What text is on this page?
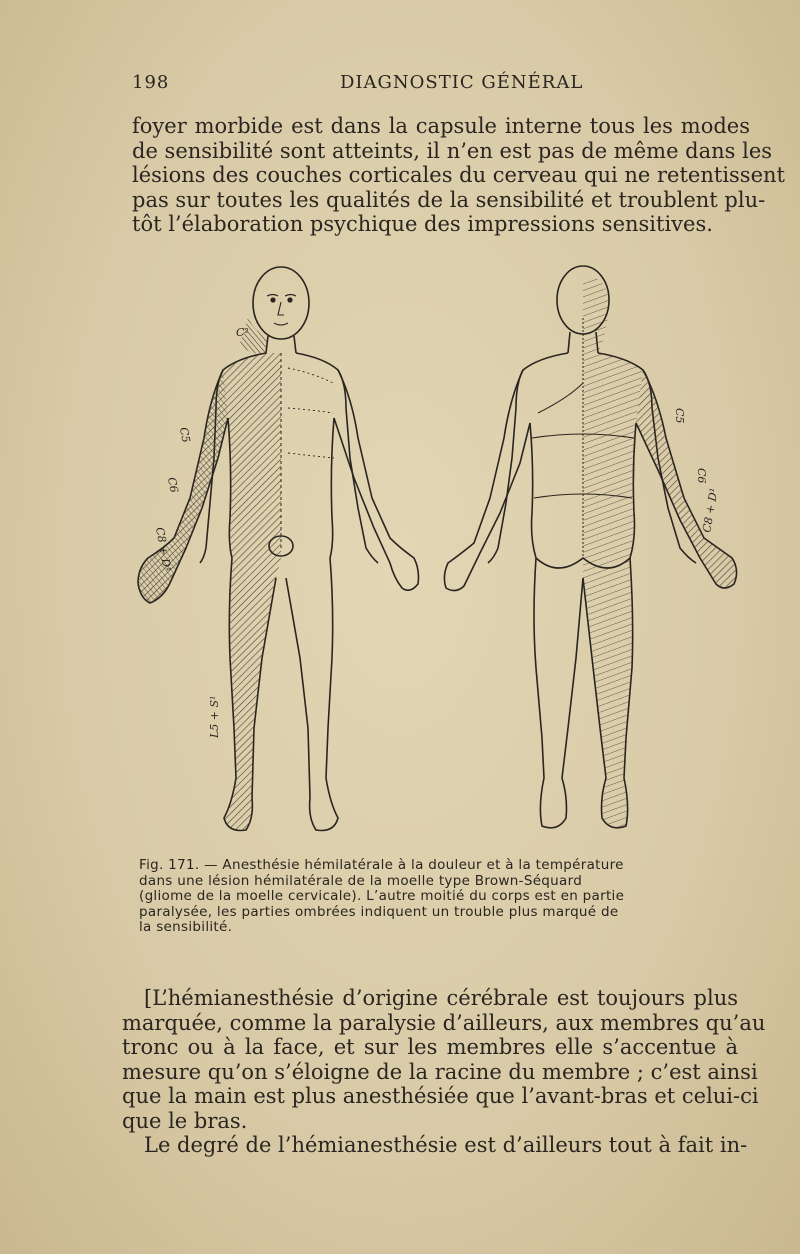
198	DIAGNOSTIC GÉNÉRAL
foyer morbide est dans la capsule interne tous les modes
de sensibilité sont atteints, il n’en est pas de même dans les
lésions des couches corticales du cerveau qui ne retentissent
pas sur toutes les qualités de la sensibilité et troublent plu-
tôt l’élaboration psychique des impressions sensitives.
C²
C5
C6
C8 + D¹
L5 + S¹
C5
C6
C8 + D¹
Fig. 171. — Anesthésie hémilatérale à la douleur et à la température
dans une lésion hémilatérale de la moelle type Brown-Séquard
(gliome de la moelle cervicale). L’autre moitié du corps est en partie
paralysée, les parties ombrées indiquent un trouble plus marqué de
la sensibilité.
[L’hémianesthésie d’origine cérébrale est toujours plus
marquée, comme la paralysie d’ailleurs, aux membres qu’au
tronc ou à la face, et sur les membres elle s’accentue à
mesure qu’on s’éloigne de la racine du membre ; c’est ainsi
que la main est plus anesthésiée que l’avant-bras et celui-ci
que le bras.
Le degré de l’hémianesthésie est d’ailleurs tout à fait in-
